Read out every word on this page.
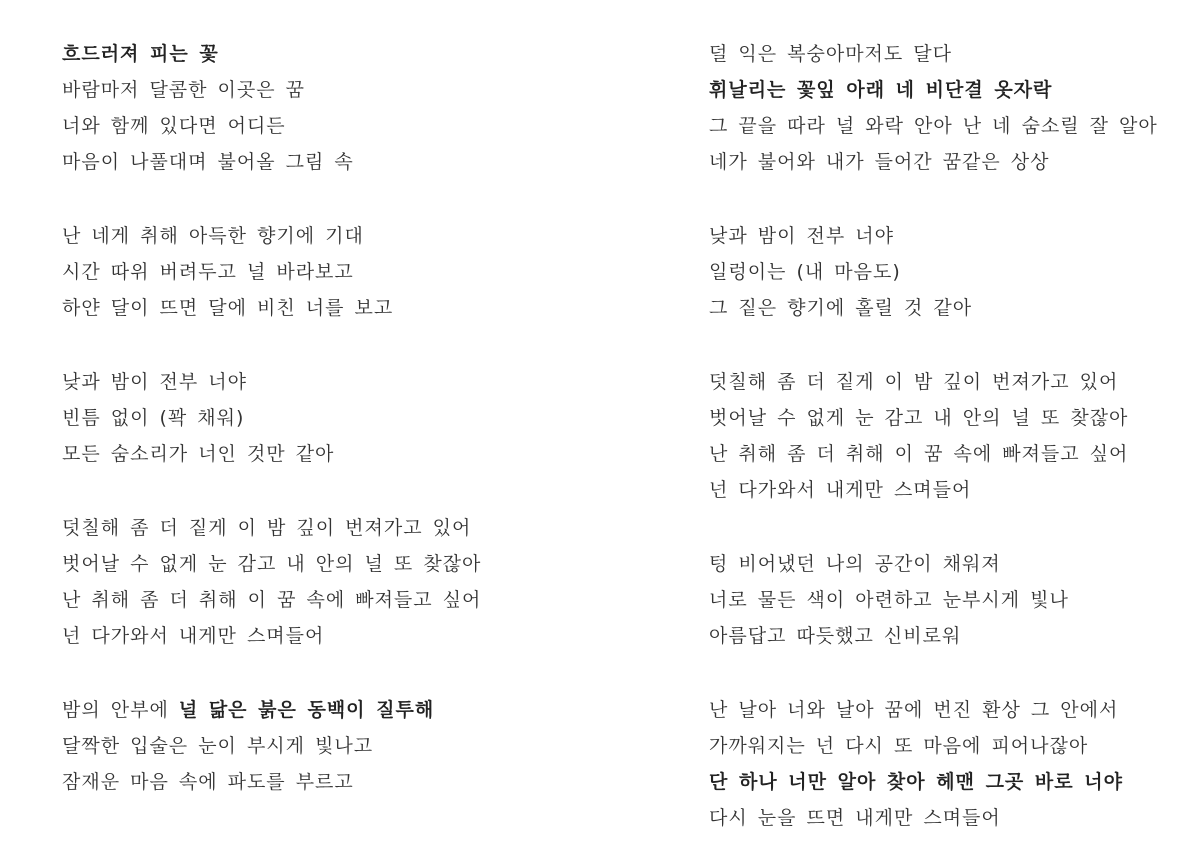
흐드러져 피는 꽃
바람마저 달콤한 이곳은 꿈
너와 함께 있다면 어디든
마음이 나풀대며 불어올 그림 속
난 네게 취해 아득한 향기에 기대
시간 따위 버려두고 널 바라보고
하얀 달이 뜨면 달에 비친 너를 보고
낮과 밤이 전부 너야
빈틈 없이 (꽉 채워)
모든 숨소리가 너인 것만 같아
덧칠해 좀 더 짙게 이 밤 깊이 번져가고 있어
벗어날 수 없게 눈 감고 내 안의 널 또 찾잖아
난 취해 좀 더 취해 이 꿈 속에 빠져들고 싶어
넌 다가와서 내게만 스며들어
밤의 안부에 널 닮은 붉은 동백이 질투해
달짝한 입술은 눈이 부시게 빛나고
잠재운 마음 속에 파도를 부르고
덜 익은 복숭아마저도 달다
휘날리는 꽃잎 아래 네 비단결 옷자락
그 끝을 따라 널 와락 안아 난 네 숨소릴 잘 알아
네가 불어와 내가 들어간 꿈같은 상상
낮과 밤이 전부 너야
일렁이는 (내 마음도)
그 짙은 향기에 홀릴 것 같아
덧칠해 좀 더 짙게 이 밤 깊이 번져가고 있어
벗어날 수 없게 눈 감고 내 안의 널 또 찾잖아
난 취해 좀 더 취해 이 꿈 속에 빠져들고 싶어
넌 다가와서 내게만 스며들어
텅 비어냈던 나의 공간이 채워져
너로 물든 색이 아련하고 눈부시게 빛나
아름답고 따듯했고 신비로워
난 날아 너와 날아 꿈에 번진 환상 그 안에서
가까워지는 넌 다시 또 마음에 피어나잖아
단 하나 너만 알아 찾아 헤맨 그곳 바로 너야
다시 눈을 뜨면 내게만 스며들어
